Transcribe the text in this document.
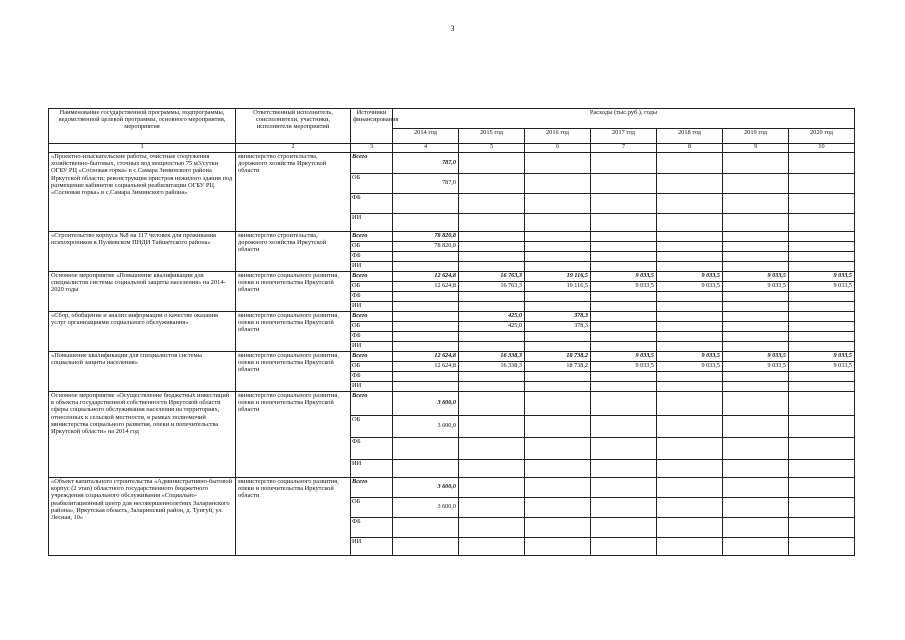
3
Наименование государственной программы, подпрограммы, ведомственной целевой программы, основного мероприятия, мероприятия	Ответственный исполнитель, соисполнители, участники, исполнители мероприятий	Источники финансирования	Расходы (тыс.руб.), годы						
			2014 год	2015 год	2016 год	2017 год	2018 год	2019 год	2020 год
1	2	3	4	5	6	7	8	9	10
«Проектно-изыскательские работы, очистные сооружения хозяйственно-бытовых, сточных вод мощностью 75 м3/сутки ОГБУ РЦ «Сосновая горка» в с.Самара Зиминского района Иркутской области; реконструкция пристроя нежилого здания под размещение кабинетов социальной реабилитации ОГБУ РЦ «Сосновая горка» в с.Самара Зиминского района»	министерство строительства, дорожного хозяйства Иркутской области	Всего	787,0						
		ОБ	787,0						
		ФБ							
		ИИ							
«Строительство корпуса №8 на 117 человек для проживания психохроников в Пуляевском ПНДИ Тайшетского района»	министерство строительства, дорожного хозяйства Иркутской области	Всего	78 820,8						
		ОБ	78 820,8						
		ФБ							
		ИИ							
Основное мероприятие «Повышение квалификации для специалистов системы социальной защиты населения» на 2014-2020 годы	министерство социального развития, опеки и попечительства Иркутской области	Всего	12 624,8	16 763,3	19 116,5	9 033,5	9 033,5	9 033,5	9 033,5
		ОБ	12 624,8	16 763,3	19 116,5	9 033,5	9 033,5	9 033,5	9 033,5
		ФБ							
		ИИ							
«Сбор, обобщение и анализ информации о качестве оказания услуг организациями социального обслуживания»	министерство социального развития, опеки и попечительства Иркутской области	Всего		425,0	378,3				
		ОБ		425,0	378,3				
		ФБ							
		ИИ							
«Повышение квалификации для специалистов системы социальной защиты населения»	министерство социального развития, опеки и попечительства Иркутской области	Всего	12 624,8	16 338,3	18 738,2	9 033,5	9 033,5	9 033,5	9 033,5
		ОБ	12 624,8	16 338,3	18 738,2	9 033,5	9 033,5	9 033,5	9 033,5
		ФБ							
		ИИ							
Основное мероприятие «Осуществление бюджетных инвестиций в объекты государственной собственности Иркутской области сферы социального обслуживания населения на территориях, отнесенных к сельской местности, в рамках полномочий министерства социального развития, опеки и попечительства Иркутской области» на 2014 год	министерство социального развития, опеки и попечительства Иркутской области	Всего	3 600,0						
		ОБ	3 600,0						
		ФБ							
		ИИ							
«Объект капитального строительства «Административно-бытовой корпус (2 этап) областного государственного бюджетного учреждения социального обслуживания «Социально-реабилитационный центр для несовершеннолетних Заларинского района», Иркутская область, Заларинский район, д. Тунгуй, ул. Лесная, 10»	министерство социального развития, опеки и попечительства Иркутской области	Всего	3 600,0						
		ОБ	3 600,0						
		ФБ							
		ИИ							
